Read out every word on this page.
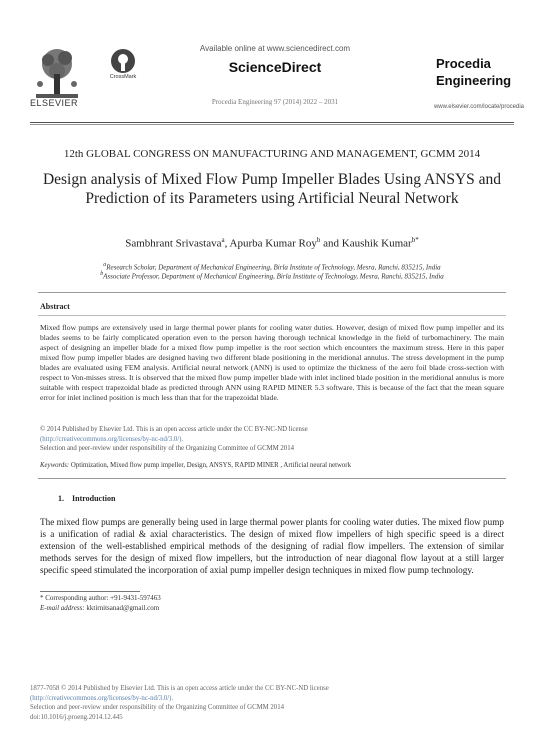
ELSEVIER
CrossMark
Available online at www.sciencedirect.com
ScienceDirect
Procedia Engineering 97 (2014) 2022 – 2031
Procedia
Engineering
www.elsevier.com/locate/procedia
12th GLOBAL CONGRESS ON MANUFACTURING AND MANAGEMENT, GCMM 2014
Design analysis of Mixed Flow Pump Impeller Blades Using ANSYS and Prediction of its Parameters using Artificial Neural Network
Sambhrant Srivastava$^a$, Apurba Kumar Roy$^b$ and Kaushik Kumar$^{b*}$
$^a$Research Scholar, Department of Mechanical Engineering, Birla Institute of Technology, Mesra, Ranchi, 835215, India
$^b$Associate Professor, Department of Mechanical Engineering, Birla Institute of Technology, Mesra, Ranchi, 835215, India
Abstract
Mixed flow pumps are extensively used in large thermal power plants for cooling water duties. However, design of mixed flow pump impeller and its blades seems to be fairly complicated operation even to the person having thorough technical knowledge in the field of turbomachinery. The main aspect of designing an impeller blade for a mixed flow pump impeller is the root section which encounters the maximum stress. Here in this paper mixed flow pump impeller blades are designed having two different blade positioning in the meridional annulus. The stress development in the pump blades are evaluated using FEM analysis. Artificial neural network (ANN) is used to optimize the thickness of the aero foil blade cross-section with respect to Von-misses stress. It is observed that the mixed flow pump impeller blade with inlet inclined blade position in the meridional annulus is more suitable with respect trapezoidal blade as predicted through ANN using RAPID MINER 5.3 software. This is because of the fact that the mean square error for inlet inclined position is much less than that for the trapezoidal blade.
© 2014 Published by Elsevier Ltd. This is an open access article under the CC BY-NC-ND license
(http://creativecommons.org/licenses/by-nc-nd/3.0/).
Selection and peer-review under responsibility of the Organizing Committee of GCMM 2014
Keywords: Optimization, Mixed flow pump impeller, Design, ANSYS, RAPID MINER , Artificial neural network
1. Introduction
The mixed flow pumps are generally being used in large thermal power plants for cooling water duties. The mixed flow pump is a unification of radial & axial characteristics. The design of mixed flow impellers of high specific speed is a direct extension of the well-established empirical methods of the designing of radial flow impellers. The extension of similar methods serves for the design of mixed flow impellers, but the introduction of near diagonal flow layout at a still larger specific speed stimulated the incorporation of axial pump impeller design techniques in mixed flow pump technology.
* Corresponding author: +91-9431-597463
E-mail address: kktirnitsanad@gmail.com
1877-7058 © 2014 Published by Elsevier Ltd. This is an open access article under the CC BY-NC-ND license
(http://creativecommons.org/licenses/by-nc-nd/3.0/).
Selection and peer-review under responsibility of the Organizing Committee of GCMM 2014
doi:10.1016/j.proeng.2014.12.445
